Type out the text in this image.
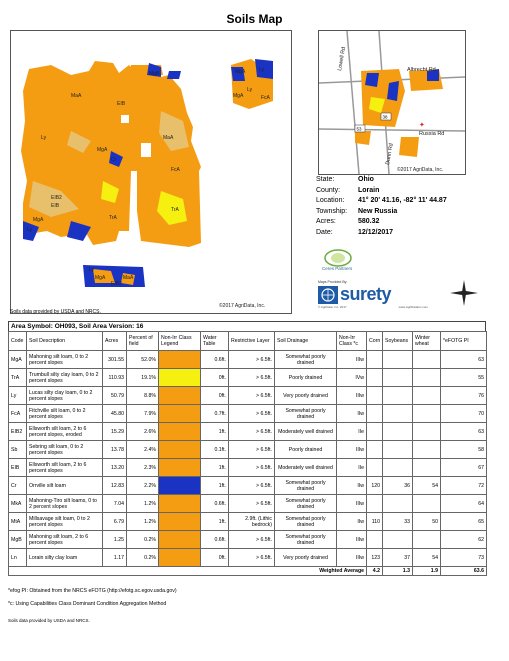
Soils Map
MgB
MaA
EIB
Ly
TrA
MgA
MaA
EIB2
MgA
Ly
EIB
FcA
TrA
Cr
MgA
Ly
MgA
Ly
FcA
MgA	MaA
EIB2
Ly
©2017 AgriData, Inc.
✦
Albrecht Rd
Russia Rd
Dunn Rd
Lowell Rd
53
38
©2017 AgriData, Inc.
State:	Ohio
County:	Lorain
Location: 41° 20' 41.16, -82° 11' 44.87
Township: New Russia
Acres:	580.32
Date:	12/12/2017
Ceres Partners
Maps Provided By:
surety
© AgriData, Inc. 2017	www.AgriDataInc.com
Soils data provided by USDA and NRCS.
Area Symbol: OH093, Soil Area Version: 16
Code	Soil Description	Acres	Percent of field	Non-Irr Class Legend	Water Table	Restrictive Layer	Soil Drainage	Non-Irr Class *c	Corn	Soybeans	Winter wheat	*eFOTG PI
MgA	Mahoning silt loam, 0 to 2 percent slopes	301.55	52.0%		0.6ft.	> 6.5ft.	Somewhat poorly drained	IIIw				63
TrA	Trumbull silty clay loam, 0 to 2 percent slopes	110.93	19.1%		0ft.	> 6.5ft.	Poorly drained	IVw				55
Ly	Lucas silty clay loam, 0 to 2 percent slopes	50.79	8.8%		0ft.	> 6.5ft.	Very poorly drained	IIIw				76
FcA	Fitchville silt loam, 0 to 2 percent slopes	45.80	7.9%		0.7ft.	> 6.5ft.	Somewhat poorly drained	IIw				70
EIB2	Ellsworth silt loam, 2 to 6 percent slopes, eroded	15.29	2.6%		1ft.	> 6.5ft.	Moderately well drained	IIe				63
Sb	Sebring silt loam, 0 to 2 percent slopes	13.78	2.4%		0.1ft.	> 6.5ft.	Poorly drained	IIIw				58
EIB	Ellsworth silt loam, 2 to 6 percent slopes	13.20	2.3%		1ft.	> 6.5ft.	Moderately well drained	IIe				67
Cr	Orrville silt loam	12.83	2.2%		1ft.	> 6.5ft.	Somewhat poorly drained	IIw	120	36	54	72
MkA	Mahoning-Tiro silt loams, 0 to 2 percent slopes	7.04	1.2%		0.6ft.	> 6.5ft.	Somewhat poorly drained	IIIw				64
MtA	Millsavage silt loam, 0 to 2 percent slopes	6.79	1.2%		1ft.	2.9ft. (Lithic bedrock)	Somewhat poorly drained	IIw	110	33	50	65
MgB	Mahoning silt loam, 2 to 6 percent slopes	1.25	0.2%		0.6ft.	> 6.5ft.	Somewhat poorly drained	IIIw				62
Ln	Lorain silty clay loam	1.17	0.2%		0ft.	> 6.5ft.	Very poorly drained	IIIw	123	37	54	73
Weighted Average									4.2	1.3	1.9	63.6
*efog PI: Obtained from the NRCS eFOTG (http://efotg.sc.egov.usda.gov)
*c: Using Capabilities Class Dominant Condition Aggregation Method
Soils data provided by USDA and NRCS.
